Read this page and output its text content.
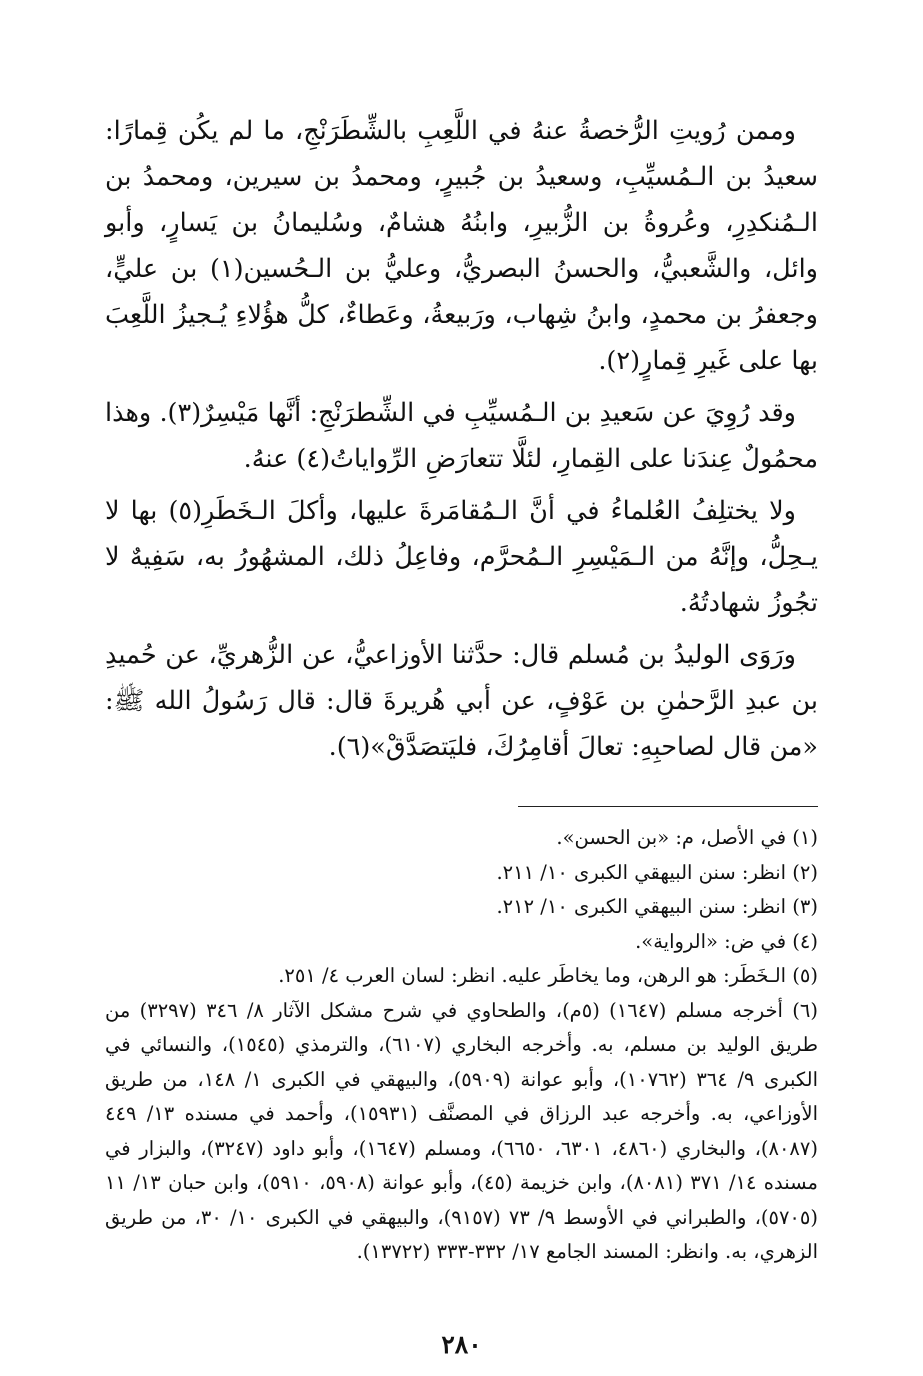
وممن رُويتِ الرُّخصةُ عنهُ في اللَّعِبِ بالشِّطَرَنْجِ، ما لم يكُن قِمارًا: سعيدُ بن الـمُسيِّبِ، وسعيدُ بن جُبيرٍ، ومحمدُ بن سيرين، ومحمدُ بن الـمُنكدِرِ، وعُروةُ بن الزُّبيرِ، وابنُهُ هشامٌ، وسُليمانُ بن يَسارٍ، وأبو وائل، والشَّعبيُّ، والحسنُ البصريُّ، وعليُّ بن الـحُسين(١) بن عليٍّ، وجعفرُ بن محمدٍ، وابنُ شِهاب، ورَبيعةُ، وعَطاءٌ، كلُّ هؤُلاءِ يُـجيزُ اللَّعِبَ بها على غَيرِ قِمارٍ(٢).

وقد رُوِيَ عن سَعيدِ بن الـمُسيِّبِ في الشِّطرَنْجِ: أنَّها مَيْسِرٌ(٣). وهذا محمُولٌ عِندَنا على القِمارِ، لئلَّا تتعارَضِ الرِّواياتُ(٤) عنهُ.

ولا يختلِفُ العُلماءُ في أنَّ الـمُقامَرةَ عليها، وأكلَ الـخَطَرِ(٥) بها لا يـحِلُّ، وإنَّهُ من الـمَيْسِرِ الـمُحرَّم، وفاعِلُ ذلك، المشهُورُ به، سَفِيهٌ لا تجُوزُ شهادتُهُ.

ورَوَى الوليدُ بن مُسلم قال: حدَّثنا الأوزاعيُّ، عن الزُّهريِّ، عن حُميدِ بن عبدِ الرَّحمٰنِ بن عَوْفٍ، عن أبي هُريرةَ قال: قال رَسُولُ الله ﷺ: «من قال لصاحبِهِ: تعالَ أقامِرُكَ، فليَتصَدَّقْ»(٦).

(١) في الأصل، م: «بن الحسن».

(٢) انظر: سنن البيهقي الكبرى ١٠/ ٢١١.

(٣) انظر: سنن البيهقي الكبرى ١٠/ ٢١٢.

(٤) في ض: «الرواية».

(٥) الـخَطَر: هو الرهن، وما يخاطَر عليه. انظر: لسان العرب ٤/ ٢٥١.

(٦) أخرجه مسلم (١٦٤٧) (٥م)، والطحاوي في شرح مشكل الآثار ٨/ ٣٤٦ (٣٢٩٧) من طريق الوليد بن مسلم، به. وأخرجه البخاري (٦١٠٧)، والترمذي (١٥٤٥)، والنسائي في الكبرى ٩/ ٣٦٤ (١٠٧٦٢)، وأبو عوانة (٥٩٠٩)، والبيهقي في الكبرى ١/ ١٤٨، من طريق الأوزاعي، به. وأخرجه عبد الرزاق في المصنَّف (١٥٩٣١)، وأحمد في مسنده ١٣/ ٤٤٩ (٨٠٨٧)، والبخاري (٤٨٦٠، ٦٣٠١، ٦٦٥٠)، ومسلم (١٦٤٧)، وأبو داود (٣٢٤٧)، والبزار في مسنده ١٤/ ٣٧١ (٨٠٨١)، وابن خزيمة (٤٥)، وأبو عوانة (٥٩٠٨، ٥٩١٠)، وابن حبان ١٣/ ١١ (٥٧٠٥)، والطبراني في الأوسط ٩/ ٧٣ (٩١٥٧)، والبيهقي في الكبرى ١٠/ ٣٠، من طريق الزهري، به. وانظر: المسند الجامع ١٧/ ٣٣٢-٣٣٣ (١٣٧٢٢).

٢٨٠
